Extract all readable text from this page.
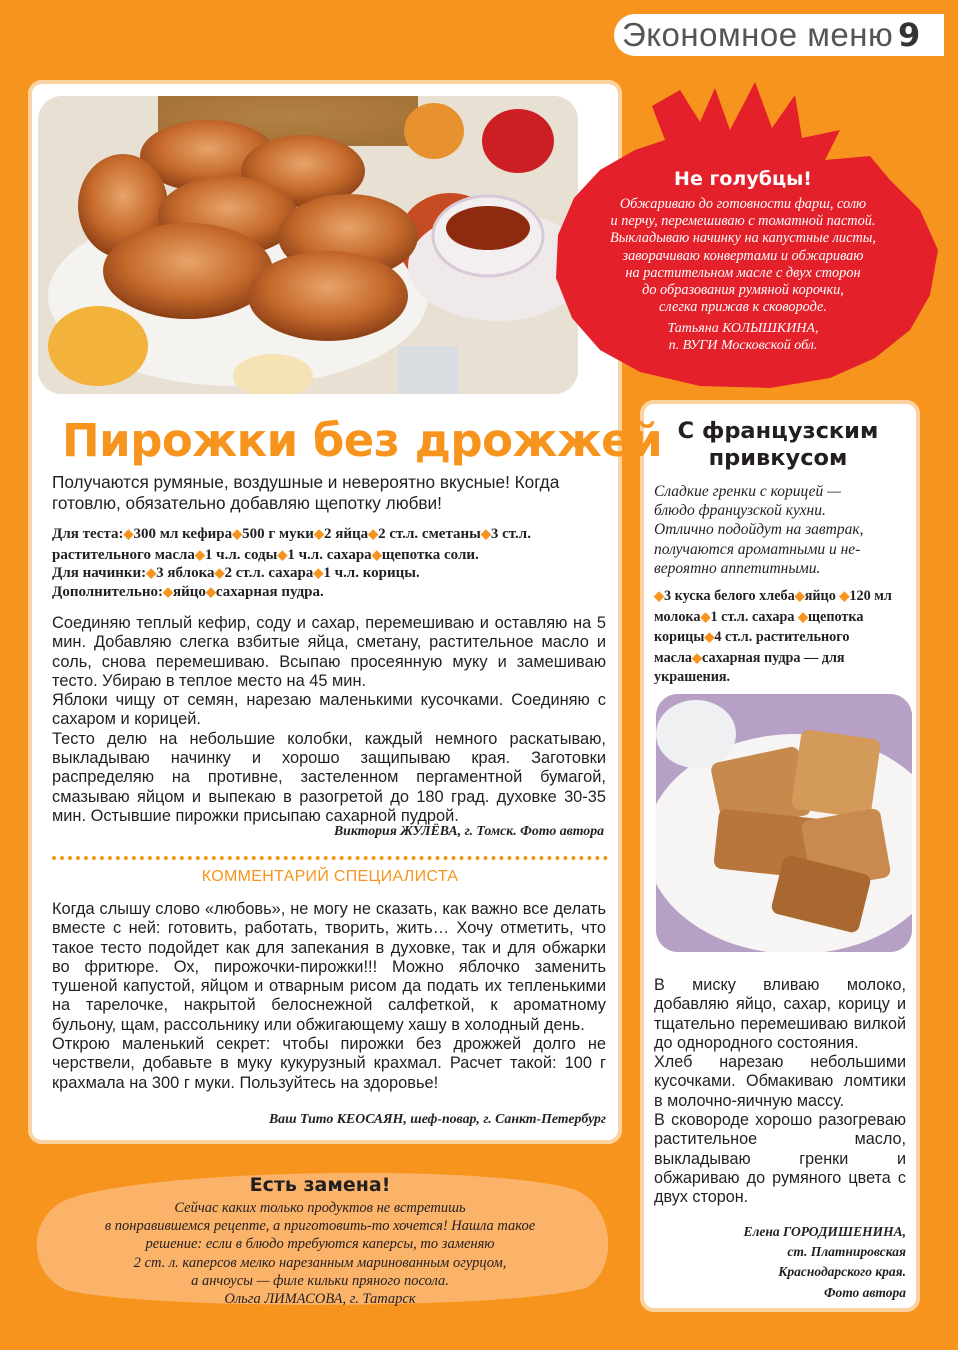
Экономное меню 9
Не голубцы!
Обжариваю до готовности фарш, солю
и перчу, перемешиваю с томатной пастой.
Выкладываю начинку на капустные листы,
заворачиваю конвертами и обжариваю
на растительном масле с двух сторон
до образования румяной корочки,
слегка прижав к сковороде.
Татьяна КОЛЫШКИНА,
п. ВУГИ Московской обл.
Пирожки без дрожжей
Получаются румяные, воздушные и невероятно вкусные! Когда готовлю, обязательно добавляю щепотку любви!
Для теста:◆300 мл кефира◆500 г муки◆2 яйца◆2 ст.л. сметаны◆3 ст.л. растительного масла◆1 ч.л. соды◆1 ч.л. сахара◆щепотка соли.
Для начинки:◆3 яблока◆2 ст.л. сахара◆1 ч.л. корицы.
Дополнительно:◆яйцо◆сахарная пудра.

Соединяю теплый кефир, соду и сахар, перемешиваю и оставляю на 5 мин. Добавляю слегка взбитые яйца, сметану, растительное масло и соль, снова перемешиваю. Всыпаю просеянную муку и замешиваю тесто. Убираю в теплое место на 45 мин.

Яблоки чищу от семян, нарезаю маленькими кусочками. Соединяю с сахаром и корицей.

Тесто делю на небольшие колобки, каждый немного раскатываю, выкладываю начинку и хорошо защипываю края. Заготовки распределяю на противне, застеленном пергаментной бумагой, смазываю яйцом и выпекаю в разогретой до 180 град. духовке 30-35 мин. Остывшие пирожки присыпаю сахарной пудрой.

Виктория ЖУЛЁВА, г. Томск. Фото автора
КОММЕНТАРИЙ СПЕЦИАЛИСТА

Когда слышу слово «любовь», не могу не сказать, как важно все делать вместе с ней: готовить, работать, творить, жить… Хочу отметить, что такое тесто подойдет как для запекания в духовке, так и для обжарки во фритюре. Ох, пирожочки-пирожки!!! Можно яблочко заменить тушеной капустой, яйцом и отварным рисом да подать их тепленькими на тарелочке, накрытой белоснежной салфеткой, к ароматному бульону, щам, рассольнику или обжигающему хашу в холодный день.

Открою маленький секрет: чтобы пирожки без дрожжей долго не черствели, добавьте в муку кукурузный крахмал. Расчет такой: 100 г крахмала на 300 г муки. Пользуйтесь на здоровье!

Ваш Тито КЕОСАЯН, шеф-повар, г. Санкт-Петербург
Есть замена!
Сейчас каких только продуктов не встретишь
в понравившемся рецепте, а приготовить-то хочется! Нашла такое
решение: если в блюдо требуются каперсы, то заменяю
2 ст. л. каперсов мелко нарезанным маринованным огурцом,
а анчоусы — филе кильки пряного посола.
Ольга ЛИМАСОВА, г. Татарск
С французским
привкусом
Сладкие гренки с корицей —
блюдо французской кухни.
Отлично подойдут на завтрак,
получаются ароматными и не-
вероятно аппетитными.
◆3 куска белого хлеба◆яйцо ◆120 мл молока◆1 ст.л. сахара ◆щепотка корицы◆4 ст.л. растительного масла◆сахарная пудра — для украшения.

В миску вливаю молоко, добавляю яйцо, сахар, корицу и тщательно перемешиваю вилкой до однородного состояния.

Хлеб нарезаю небольшими кусочками. Обмакиваю ломтики в молочно-яичную массу.

В сковороде хорошо разогреваю растительное масло, выкладываю гренки и обжариваю до румяного цвета с двух сторон.

Елена ГОРОДИШЕНИНА,
ст. Платнировская
Краснодарского края.
Фото автора
